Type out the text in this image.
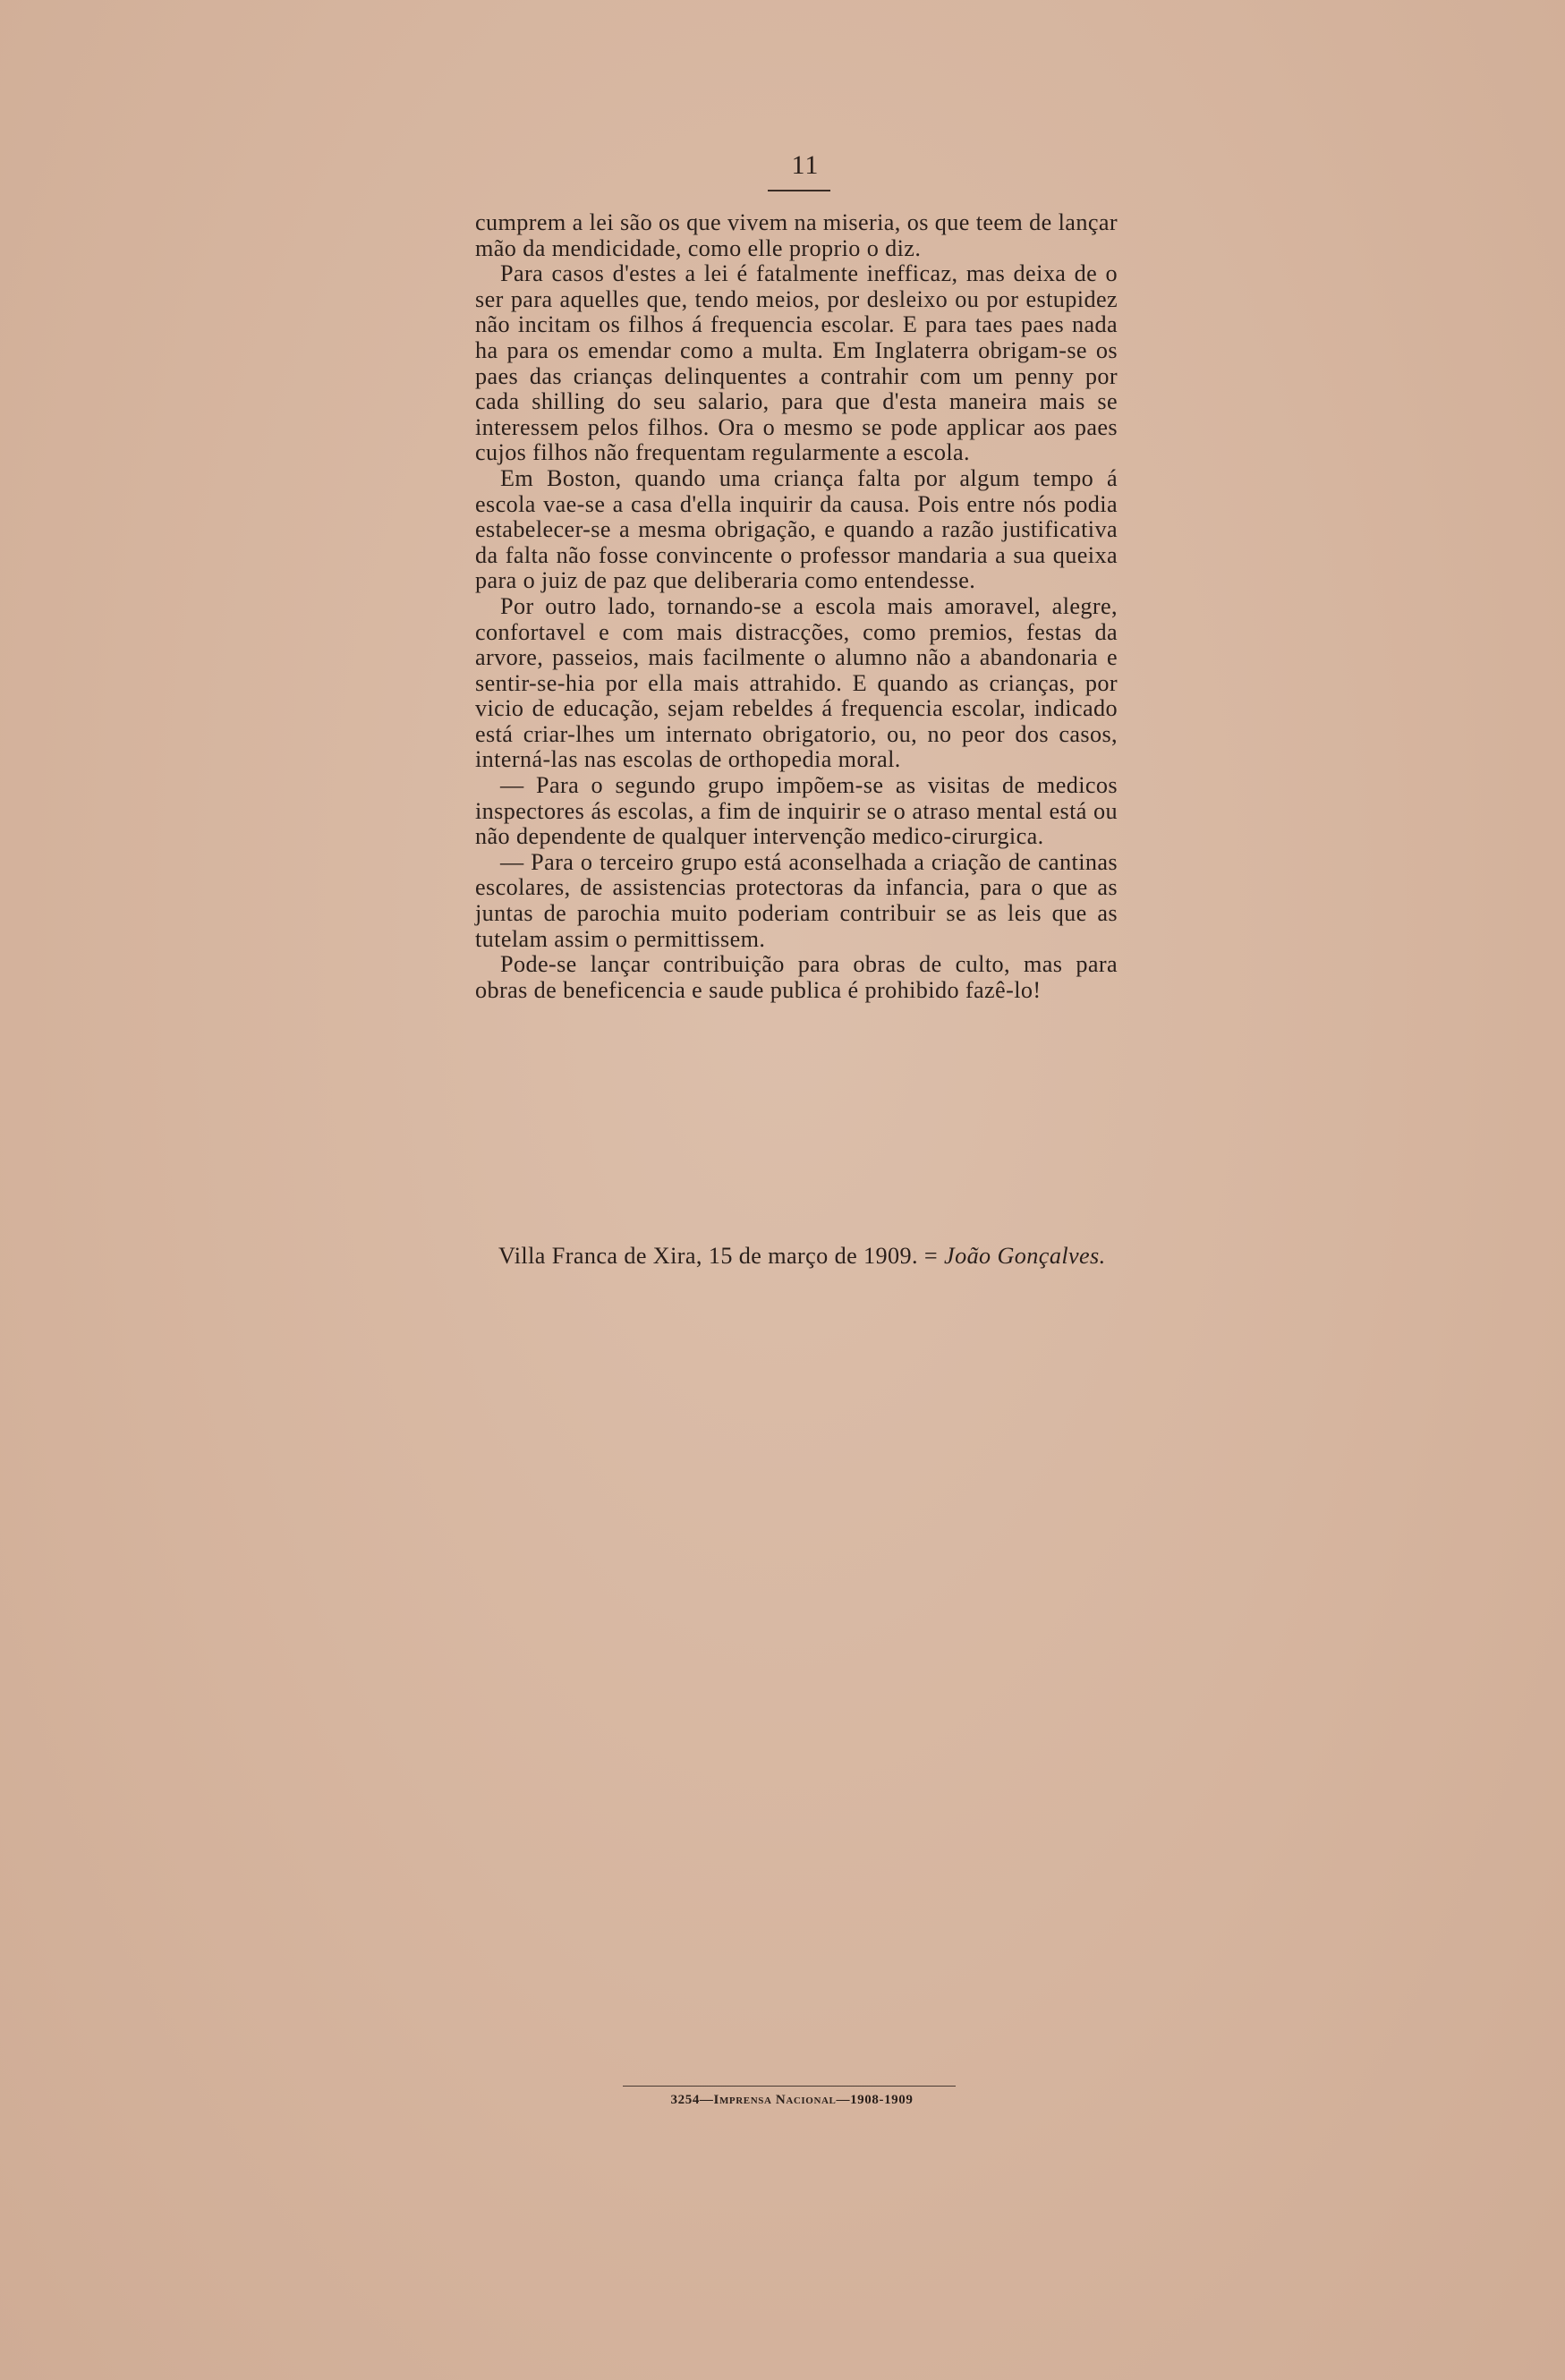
11

cumprem a lei são os que vivem na miseria, os que teem de lançar mão da mendicidade, como elle proprio o diz.

Para casos d'estes a lei é fatalmente inefficaz, mas deixa de o ser para aquelles que, tendo meios, por desleixo ou por estupidez não incitam os filhos á frequencia escolar. E para taes paes nada ha para os emendar como a multa. Em Inglaterra obrigam-se os paes das crianças delinquentes a contrahir com um penny por cada shilling do seu salario, para que d'esta maneira mais se interessem pelos filhos. Ora o mesmo se pode applicar aos paes cujos filhos não frequentam regularmente a escola.

Em Boston, quando uma criança falta por algum tempo á escola vae-se a casa d'ella inquirir da causa. Pois entre nós podia estabelecer-se a mesma obrigação, e quando a razão justificativa da falta não fosse convincente o professor mandaria a sua queixa para o juiz de paz que deliberaria como entendesse.

Por outro lado, tornando-se a escola mais amoravel, alegre, confortavel e com mais distracções, como premios, festas da arvore, passeios, mais facilmente o alumno não a abandonaria e sentir-se-hia por ella mais attrahido. E quando as crianças, por vicio de educação, sejam rebeldes á frequencia escolar, indicado está criar-lhes um internato obrigatorio, ou, no peor dos casos, interná-las nas escolas de orthopedia moral.

— Para o segundo grupo impõem-se as visitas de medicos inspectores ás escolas, a fim de inquirir se o atraso mental está ou não dependente de qualquer intervenção medico-cirurgica.

— Para o terceiro grupo está aconselhada a criação de cantinas escolares, de assistencias protectoras da infancia, para o que as juntas de parochia muito poderiam contribuir se as leis que as tutelam assim o permittissem.

Pode-se lançar contribuição para obras de culto, mas para obras de beneficencia e saude publica é prohibido fazê-lo!

Villa Franca de Xira, 15 de março de 1909. = João Gonçalves.
3254—Imprensa Nacional—1908-1909
